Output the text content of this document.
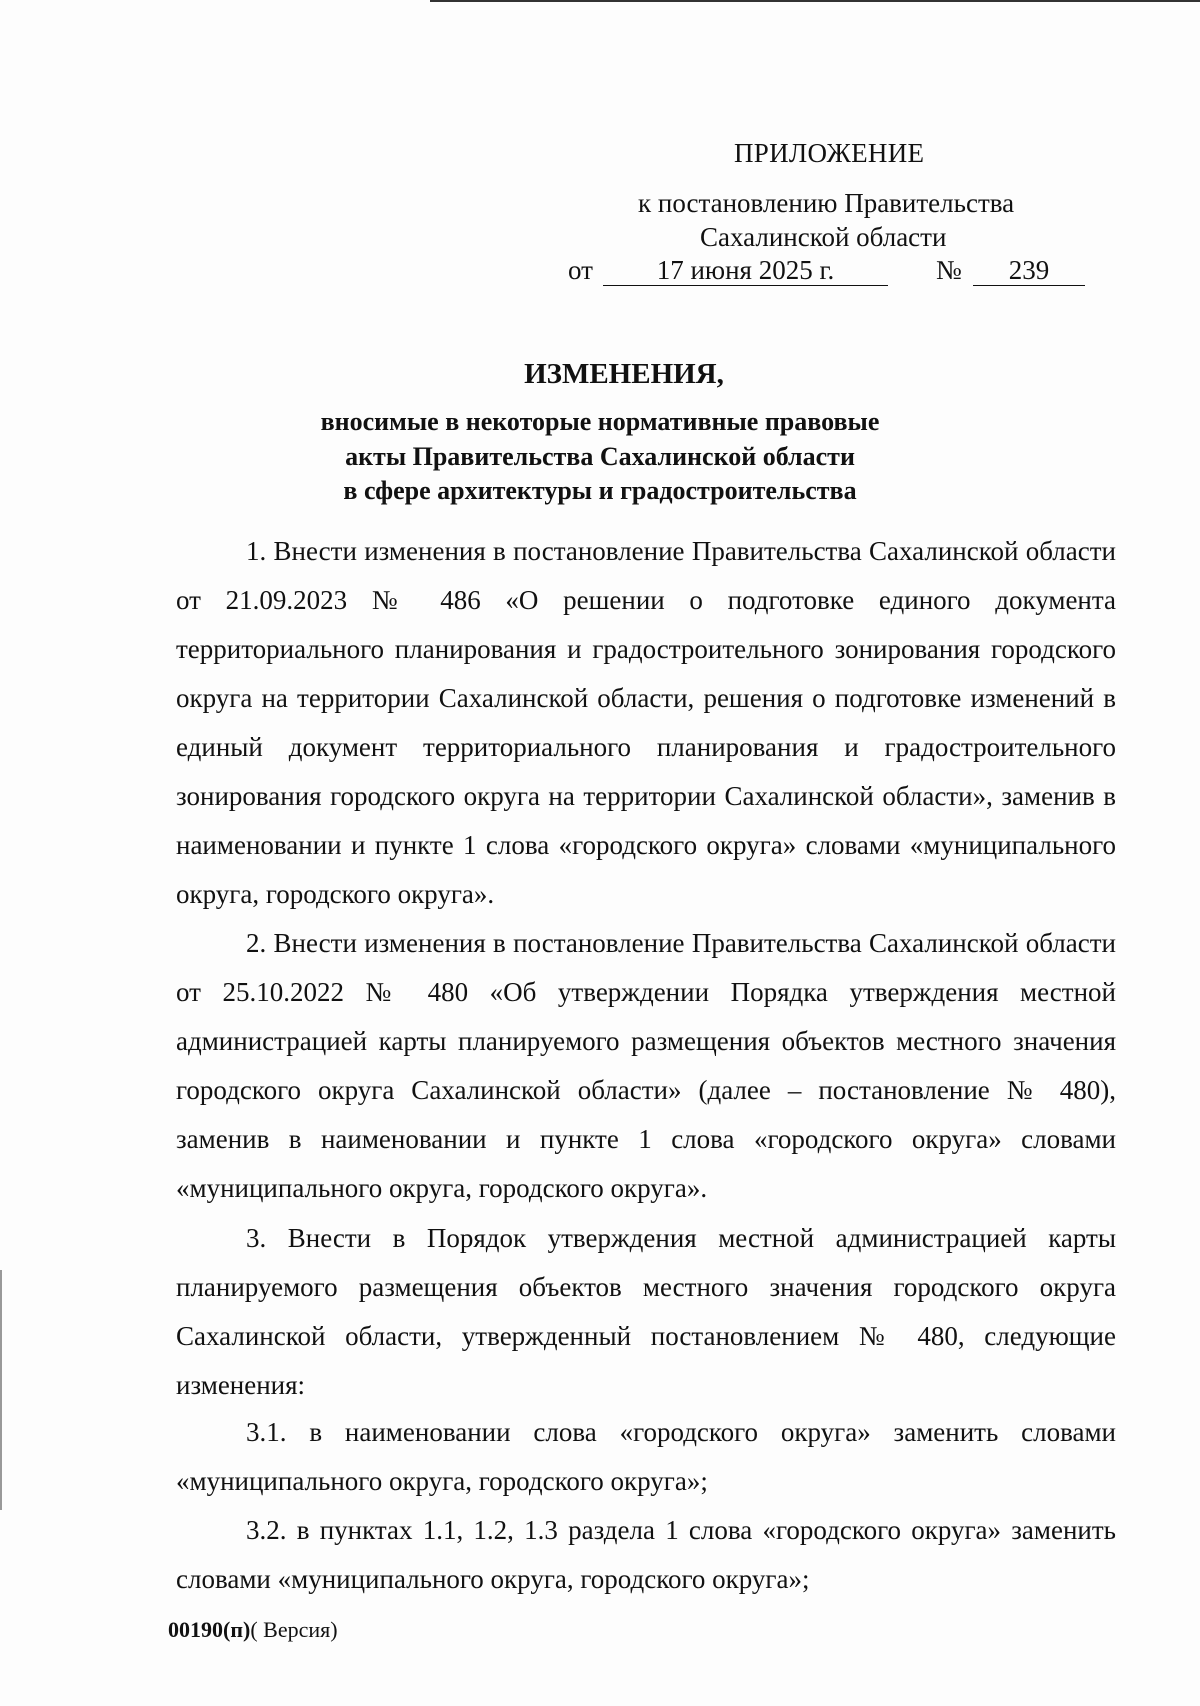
ПРИЛОЖЕНИЕ
к постановлению Правительства
Сахалинской области
от	17 июня 2025 г.	№	239
ИЗМЕНЕНИЯ,
вносимые в некоторые нормативные правовые
акты Правительства Сахалинской области
в сфере архитектуры и градостроительства

1. Внести изменения в постановление Правительства Сахалинской области от 21.09.2023 № 486 «О решении о подготовке единого документа территориального планирования и градостроительного зонирования городского округа на территории Сахалинской области, решения о подготовке изменений в единый документ территориального планирования и градостроительного зонирования городского округа на территории Сахалинской области», заменив в наименовании и пункте 1 слова «городского округа» словами «муниципального округа, городского округа».

2. Внести изменения в постановление Правительства Сахалинской области от 25.10.2022 № 480 «Об утверждении Порядка утверждения местной администрацией карты планируемого размещения объектов местного значения городского округа Сахалинской области» (далее – постановление № 480), заменив в наименовании и пункте 1 слова «городского округа» словами «муниципального округа, городского округа».

3. Внести в Порядок утверждения местной администрацией карты планируемого размещения объектов местного значения городского округа Сахалинской области, утвержденный постановлением № 480, следующие изменения:

3.1. в наименовании слова «городского округа» заменить словами «муниципального округа, городского округа»;

3.2. в пунктах 1.1, 1.2, 1.3 раздела 1 слова «городского округа» заменить словами «муниципального округа, городского округа»;

00190(п)( Версия)
